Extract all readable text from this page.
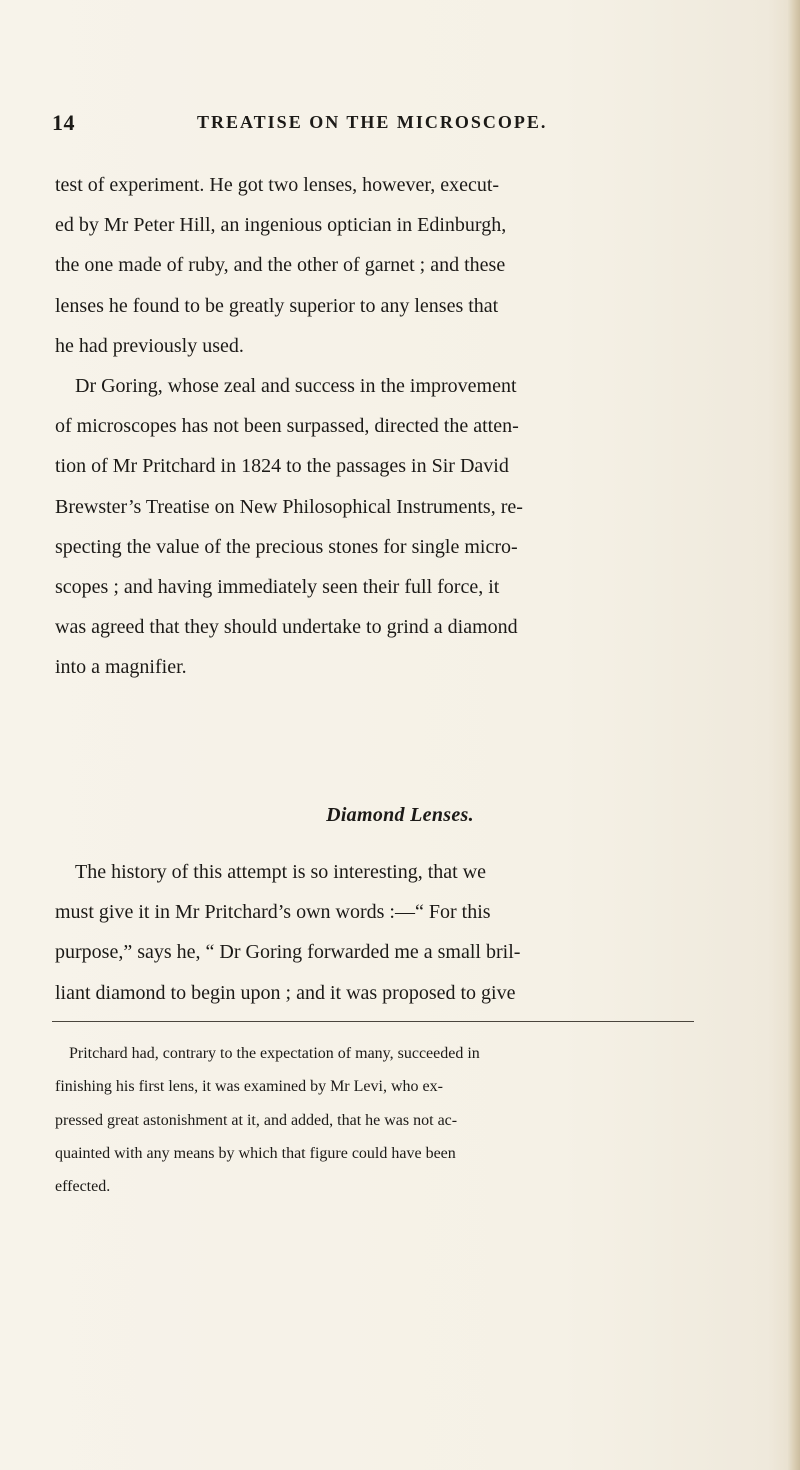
14	TREATISE ON THE MICROSCOPE.
test of experiment. He got two lenses, however, execut-
ed by Mr Peter Hill, an ingenious optician in Edinburgh,
the one made of ruby, and the other of garnet ; and these
lenses he found to be greatly superior to any lenses that
he had previously used.
Dr Goring, whose zeal and success in the improvement
of microscopes has not been surpassed, directed the atten-
tion of Mr Pritchard in 1824 to the passages in Sir David
Brewster’s Treatise on New Philosophical Instruments, re-
specting the value of the precious stones for single micro-
scopes ; and having immediately seen their full force, it
was agreed that they should undertake to grind a diamond
into a magnifier.
Diamond Lenses.
The history of this attempt is so interesting, that we
must give it in Mr Pritchard’s own words :—“ For this
purpose,” says he, “ Dr Goring forwarded me a small bril-
liant diamond to begin upon ; and it was proposed to give
Pritchard had, contrary to the expectation of many, succeeded in
finishing his first lens, it was examined by Mr Levi, who ex-
pressed great astonishment at it, and added, that he was not ac-
quainted with any means by which that figure could have been
effected.
